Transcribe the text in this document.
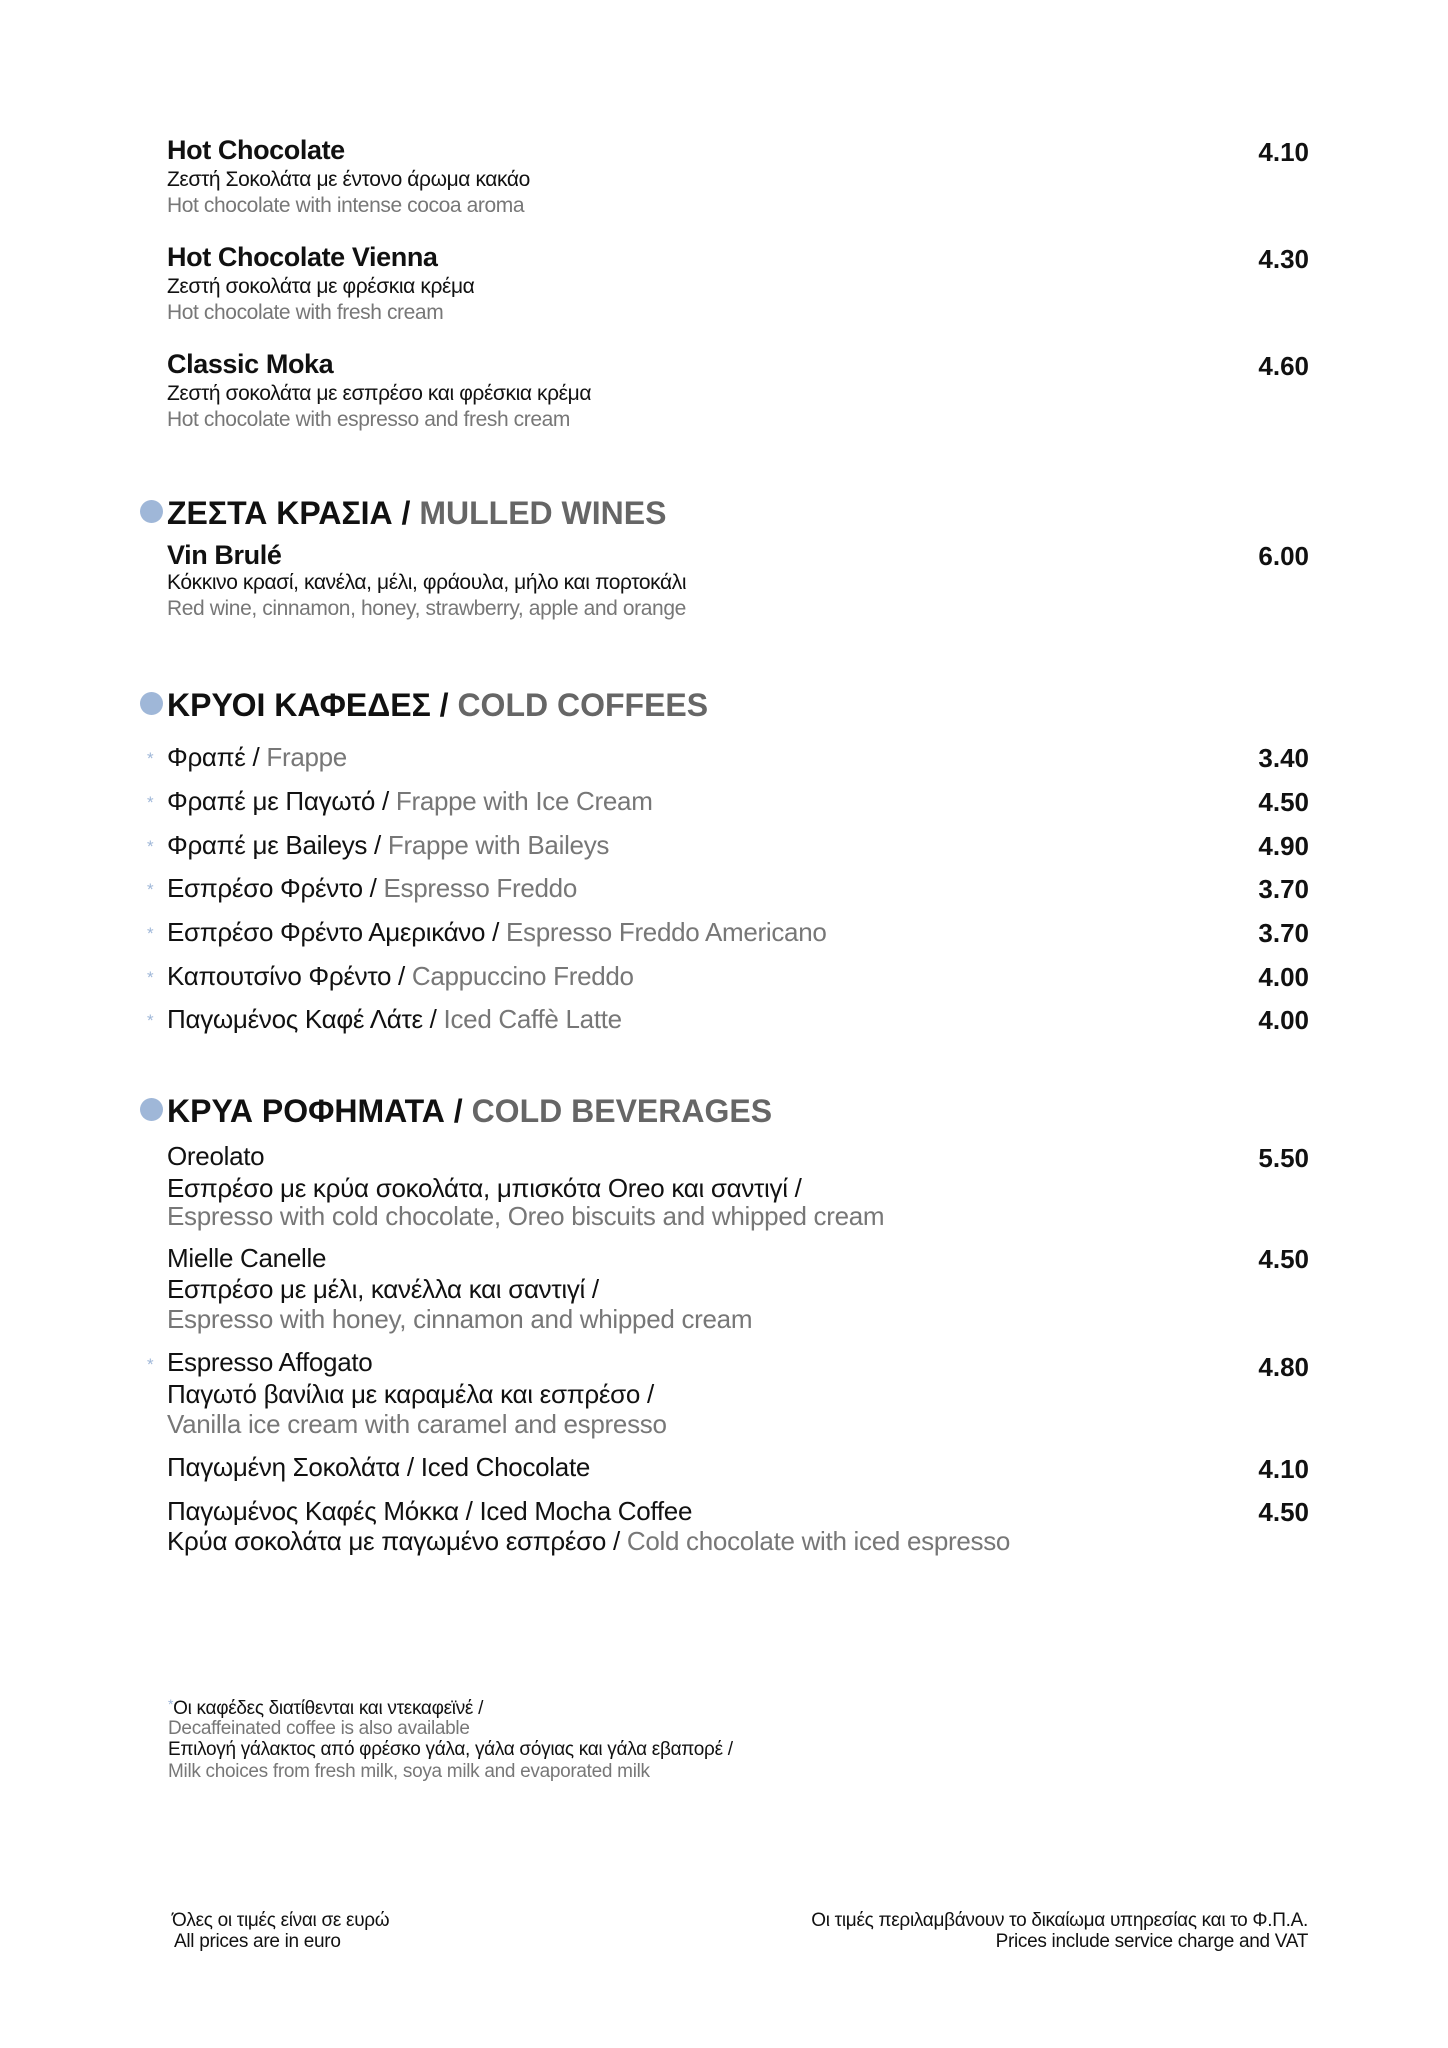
Hot Chocolate	4.10
Ζεστή Σοκολάτα με έντονο άρωμα κακάο
Hot chocolate with intense cocoa aroma
Hot Chocolate Vienna	4.30
Ζεστή σοκολάτα με φρέσκια κρέμα
Hot chocolate with fresh cream
Classic Moka	4.60
Ζεστή σοκολάτα με εσπρέσο και φρέσκια κρέμα
Hot chocolate with espresso and fresh cream
ΖΕΣΤΑ ΚΡΑΣΙΑ / MULLED WINES
Vin Brulé	6.00
Κόκκινο κρασί, κανέλα, μέλι, φράουλα, μήλο και πορτοκάλι
Red wine, cinnamon, honey, strawberry, apple and orange
ΚΡΥΟΙ ΚΑΦΕΔΕΣ / COLD COFFEES
* Φραπέ / Frappe	3.40
* Φραπέ με Παγωτό / Frappe with Ice Cream	4.50
* Φραπέ με Baileys / Frappe with Baileys	4.90
* Εσπρέσο Φρέντο / Espresso Freddo	3.70
* Εσπρέσο Φρέντο Αμερικάνο / Espresso Freddo Americano	3.70
* Καπουτσίνο Φρέντο / Cappuccino Freddo	4.00
* Παγωμένος Καφέ Λάτε / Iced Caffè Latte	4.00
ΚΡΥΑ ΡΟΦΗΜΑΤΑ / COLD BEVERAGES
Oreolato	5.50
Εσπρέσο με κρύα σοκολάτα, μπισκότα Oreo και σαντιγί /
Espresso with cold chocolate, Oreo biscuits and whipped cream
Mielle Canelle	4.50
Εσπρέσο με μέλι, κανέλλα και σαντιγί /
Espresso with honey, cinnamon and whipped cream
* Espresso Affogato	4.80
Παγωτό βανίλια με καραμέλα και εσπρέσο /
Vanilla ice cream with caramel and espresso
Παγωμένη Σοκολάτα / Iced Chocolate	4.10
Παγωμένος Καφές Μόκκα / Iced Mocha Coffee	4.50
Κρύα σοκολάτα με παγωμένο εσπρέσο / Cold chocolate with iced espresso
*Οι καφέδες διατίθενται και ντεκαφεϊνέ /
Decaffeinated coffee is also available
Επιλογή γάλακτος από φρέσκο γάλα, γάλα σόγιας και γάλα εβαπορέ /
Milk choices from fresh milk, soya milk and evaporated milk
Όλες οι τιμές είναι σε ευρώ
All prices are in euro
Οι τιμές περιλαμβάνουν το δικαίωμα υπηρεσίας και το Φ.Π.Α.
Prices include service charge and VAT
